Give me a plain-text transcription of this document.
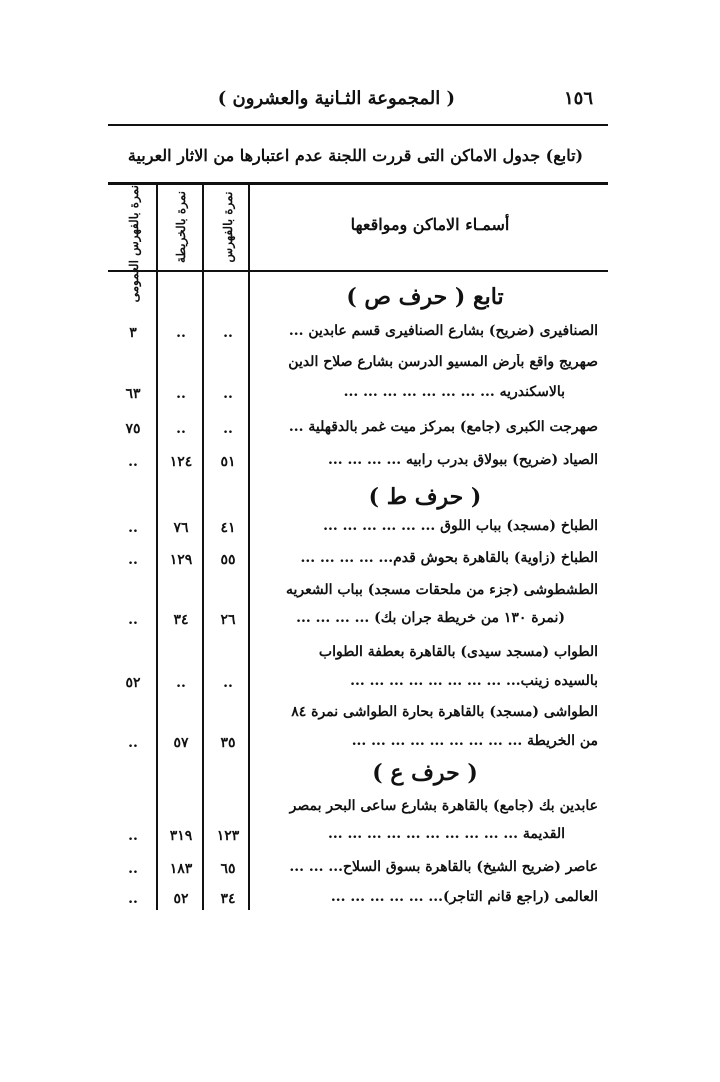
١٥٦
( المجموعة الثـانية والعشرون )
(تابع) جدول الاماكن التى قررت اللجنة عدم اعتبارها من الاثار العربية
أسمـاء الاماكن ومواقعها
نمرة بالفهرس
نمرة بالخريطة
نمرة بالفهرس العمومى	تابع ( حرف ص )
الصنافيرى (ضريح) بشارع الصنافيرى قسم عابدين ...
..
..
٣
صهريج واقع بأرض المسيو الدرسن بشارع صلاح الدين
بالاسكندريه ... ... ... ... ... ... ... ...
..
..
٦٣
صهرجت الكبرى (جامع) بمركز ميت غمر بالدقهلية ...
..
..
٧٥
الصياد (ضريح) ببولاق بدرب رابيه ... ... ... ...
٥١
١٢٤
..
( حرف ط )
الطباخ (مسجد) بباب اللوق ... ... ... ... ... ...
٤١
٧٦
..
الطباخ (زاوية) بالقاهرة بحوش قدم... ... ... ... ...
٥٥
١٢٩
..
الطشطوشى (جزء من ملحقات مسجد) بباب الشعريه
(نمرة ١٣٠ من خريطة جران بك) ... ... ... ...
٢٦
٣٤
..
الطواب (مسجد سيدى) بالقاهرة بعطفة الطواب
بالسيده زينب... ... ... ... ... ... ... ... ...
..
..
٥٢
الطواشى (مسجد) بالقاهرة بحارة الطواشى نمرة ٨٤
من الخريطة ... ... ... ... ... ... ... ... ...
٣٥
٥٧
..
( حرف ع )
عابدين بك (جامع) بالقاهرة بشارع ساعى البحر بمصر
القديمة ... ... ... ... ... ... ... ... ... ...
١٢٣
٣١٩
..
عاصر (ضريح الشيخ) بالقاهرة بسوق السلاح... ... ...
٦٥
١٨٣
..
العالمى (راجع قانم التاجر)... ... ... ... ... ...
٣٤
٥٢
..
